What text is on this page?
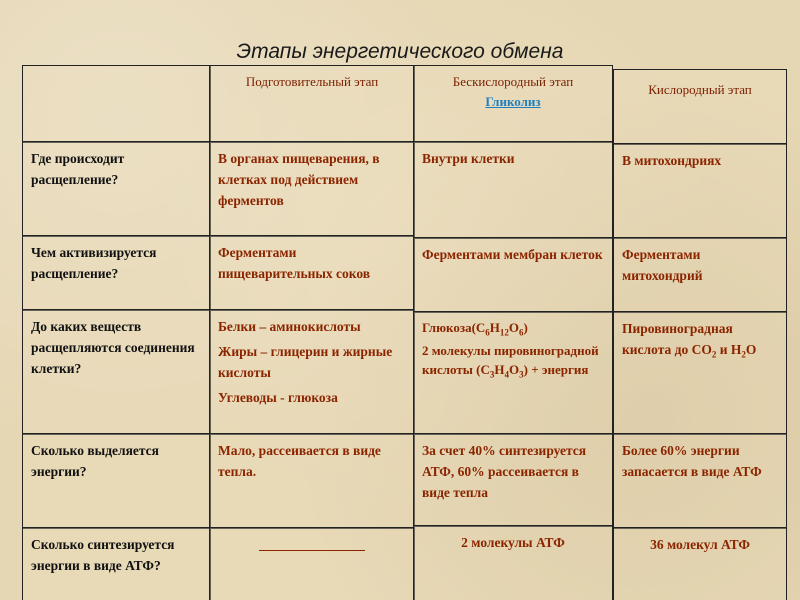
Этапы энергетического обмена
Где происходит расщепление?
Чем активизируется расщепление?
До каких веществ расщепляются соединения клетки?
Сколько выделяется энергии?
Сколько синтезируется энергии в виде АТФ?
Подготовительный этап
В органах пищеварения, в клетках под действием ферментов
Ферментами пищеварительных соков
Белки – аминокислоты
Жиры – глицерин и жирные кислоты
Углеводы - глюкоза
Мало, рассеивается в виде тепла.
Бескислородный этап
Гликолиз
Внутри клетки
Ферментами мембран клеток

$Глюкоза(С_6Н_{12}О_6)$

2 молекулы пировиноградной кислоты $(С_3Н_4О_3)$ + энергия

За счет 40% синтезируется АТФ, 60% рассеивается в виде тепла
2 молекулы АТФ
Кислородный этап
В митохондриях
Ферментами митохондрий

Пировиноградная кислота до $СО_2$ и $Н_2О$

Более 60% энергии запасается в виде АТФ
36 молекул АТФ
